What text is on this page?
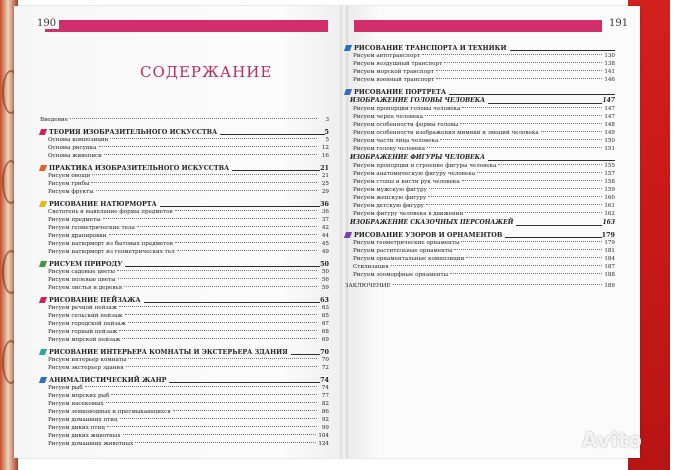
190	191
СОДЕРЖАНИЕ
Введение	3
ТЕОРИЯ ИЗОБРАЗИТЕЛЬНОГО ИСКУССТВА	5
Основы композиции	5
Основы рисунка	12
Основы живописи	16
ПРАКТИКА ИЗОБРАЗИТЕЛЬНОГО ИСКУССТВА	21
Рисуем овощи	21
Рисуем грибы	25
Рисуем фрукты	29
РИСОВАНИЕ НАТЮРМОРТА	36
Светотень и выявление формы предметов	36
Рисуем предметы	37
Рисуем геометрические тела	42
Рисуем драпировки	44
Рисуем натюрморт из бытовых предметов	45
Рисуем натюрморт из геометрических тел	49
РИСУЕМ ПРИРОДУ	50
Рисуем садовые цветы	50
Рисуем полевые цветы	56
Рисуем листья и деревья	59
РИСОВАНИЕ ПЕЙЗАЖА	63
Рисуем речной пейзаж	63
Рисуем сельский пейзаж	65
Рисуем городской пейзаж	67
Рисуем горный пейзаж	68
Рисуем морской пейзаж	69
РИСОВАНИЕ ИНТЕРЬЕРА КОМНАТЫ И ЭКСТЕРЬЕРА ЗДАНИЯ	70
Рисуем интерьер комнаты	70
Рисуем экстерьер здания	72
АНИМАЛИСТИЧЕСКИЙ ЖАНР	74
Рисуем рыб	74
Рисуем морских рыб	77
Рисуем насекомых	82
Рисуем земноводных и пресмыкающихся	86
Рисуем домашних птиц	92
Рисуем диких птиц	99
Рисуем диких животных	104
Рисуем домашних животных	124
РИСОВАНИЕ ТРАНСПОРТА И ТЕХНИКИ
Рисуем автотранспорт	130
Рисуем воздушный транспорт	138
Рисуем морской транспорт	141
Рисуем военный транспорт	146
РИСОВАНИЕ ПОРТРЕТА
ИЗОБРАЖЕНИЕ ГОЛОВЫ ЧЕЛОВЕКА	147
Рисуем пропорции головы человека	147
Рисуем череп человека	147
Рисуем особенности формы головы	148
Рисуем особенности изображения мимики и эмоций человека	149
Рисуем части лица человека	150
Рисуем голову человека	151
ИЗОБРАЖЕНИЕ ФИГУРЫ ЧЕЛОВЕКА
Рисуем пропорции и строение фигуры человека	155
Рисуем анатомическую фигуру человека	157
Рисуем стопы и кисти рук человека	158
Рисуем мужскую фигуру	159
Рисуем женскую фигуру	160
Рисуем детскую фигуру	161
Рисуем фигуру человека в движении	162
ИЗОБРАЖЕНИЕ СКАЗОЧНЫХ ПЕРСОНАЖЕЙ	163
РИСОВАНИЕ УЗОРОВ И ОРНАМЕНТОВ	179
Рисуем геометрические орнаменты	179
Рисуем растительные орнаменты	181
Рисуем орнаментальные композиции	184
Стилизация	187
Рисуем зооморфные орнаменты	188
ЗАКЛЮЧЕНИЕ	189
Avito
